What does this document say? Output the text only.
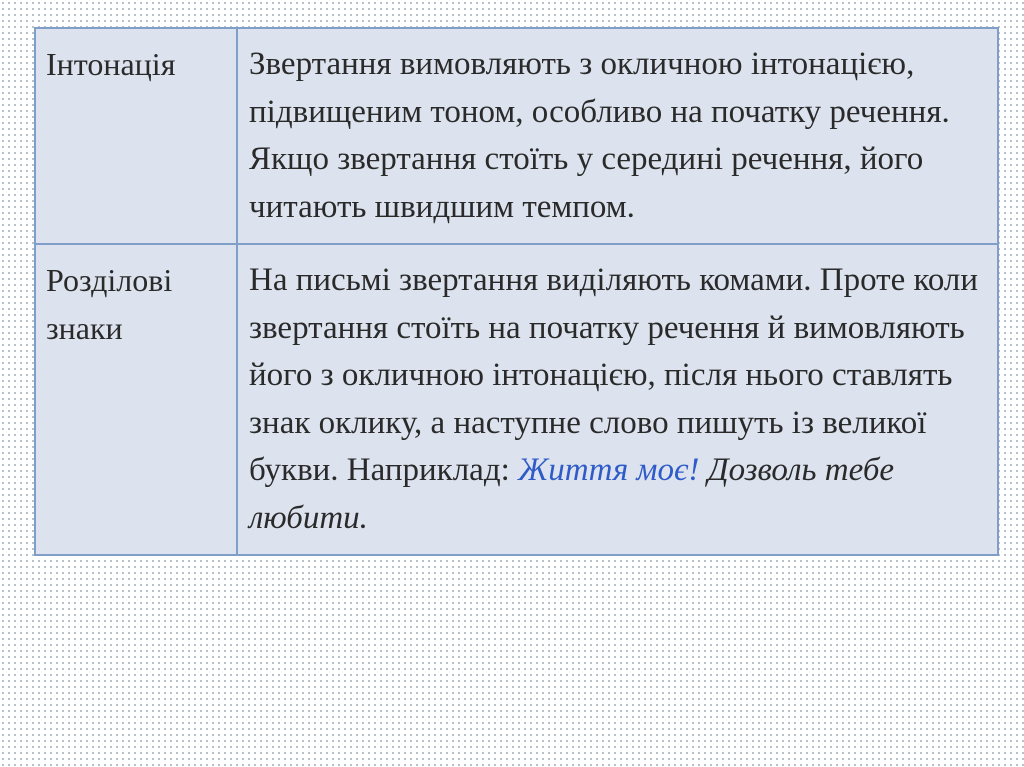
Інтонація	Звертання вимовляють з окличною інтонацією, підвищеним тоном, особливо на початку речення. Якщо звертання стоїть у середині речення, його читають швидшим темпом.
Розділові знаки	На письмі звертання виділяють комами. Проте коли звертання стоїть на початку речення й вимовляють його з окличною інтонацією, після нього ставлять знак оклику, а наступне слово пишуть із великої букви. Наприклад: Життя моє! Дозволь тебе любити.
